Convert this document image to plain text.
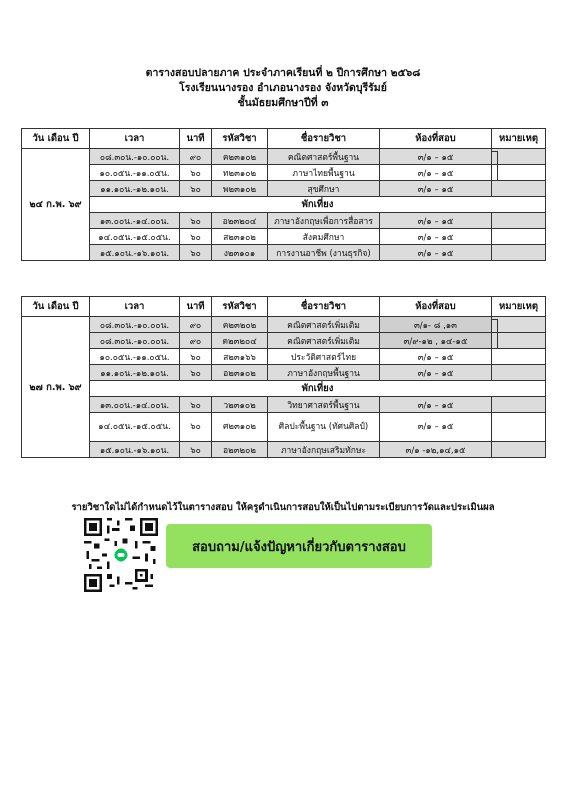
ตารางสอบปลายภาค ประจำภาคเรียนที่ ๒ ปีการศึกษา ๒๕๖๘
โรงเรียนนางรอง อำเภอนางรอง จังหวัดบุรีรัมย์
ชั้นมัธยมศึกษาปีที่ ๓
วัน เดือน ปี	เวลา	นาที	รหัสวิชา	ชื่อรายวิชา	ห้องที่สอบ	หมายเหตุ
๒๔ ก.พ. ๖๙	๐๘.๓๐น.-๑๐.๐๐น.	๙๐	ค๒๓๑๐๒	คณิตศาสตร์พื้นฐาน	๓/๑ – ๑๕	
	๑๐.๐๕น.-๑๑.๐๕น.	๖๐	ท๒๓๑๐๒	ภาษาไทยพื้นฐาน	๓/๑ – ๑๕	
	๑๑.๑๐น.-๑๒.๑๐น.	๖๐	พ๒๓๑๐๒	สุขศึกษา	๓/๑ – ๑๕	
	พักเที่ยง					
	๑๓.๐๐น.-๑๔.๐๐น.	๖๐	อ๒๓๒๐๔	ภาษาอังกฤษเพื่อการสื่อสาร	๓/๑ – ๑๕	
	๑๔.๐๕น.-๑๕.๐๕น.	๖๐	ส๒๓๑๐๒	สังคมศึกษา	๓/๑ – ๑๕	
	๑๕.๑๐น.-๑๖.๑๐น.	๖๐	ง๒๓๑๐๑	การงานอาชีพ (งานธุรกิจ)	๓/๑ – ๑๕	
วัน เดือน ปี	เวลา	นาที	รหัสวิชา	ชื่อรายวิชา	ห้องที่สอบ	หมายเหตุ
๒๗ ก.พ. ๖๙	๐๘.๓๐น.-๑๐.๐๐น.	๙๐	ค๒๓๒๐๒	คณิตศาสตร์เพิ่มเติม	๓/๑- ๘ ,๑๓	
	๐๘.๓๐น.-๑๐.๐๐น.	๙๐	ค๒๓๒๐๔	คณิตศาสตร์เพิ่มเติม	๓/๙-๑๒ , ๑๔-๑๕	
	๑๐.๐๕น.-๑๑.๐๕น.	๖๐	ส๒๓๑๖๖	ประวัติศาสตร์ไทย	๓/๑ – ๑๕	
	๑๑.๑๐น.-๑๒.๑๐น.	๖๐	อ๒๓๑๐๒	ภาษาอังกฤษพื้นฐาน	๓/๑ – ๑๕	
	พักเที่ยง					
	๑๓.๐๐น.-๑๔.๐๐น.	๖๐	ว๒๓๑๐๒	วิทยาศาสตร์พื้นฐาน	๓/๑ – ๑๕	
	๑๔.๐๕น.-๑๕.๐๕น.	๖๐	ศ๒๓๑๐๒	ศิลปะพื้นฐาน (ทัศนศิลป์)	๓/๑ – ๑๕	
	๑๕.๑๐น.-๑๖.๑๐น.	๖๐	อ๒๓๒๐๒	ภาษาอังกฤษเสริมทักษะ	๓/๑ -๑๒,๑๔,๑๕	
รายวิชาใดไม่ได้กำหนดไว้ในตารางสอบ ให้ครูดำเนินการสอบให้เป็นไปตามระเบียบการวัดและประเมินผล
สอบถาม/แจ้งปัญหาเกี่ยวกับตารางสอบ
